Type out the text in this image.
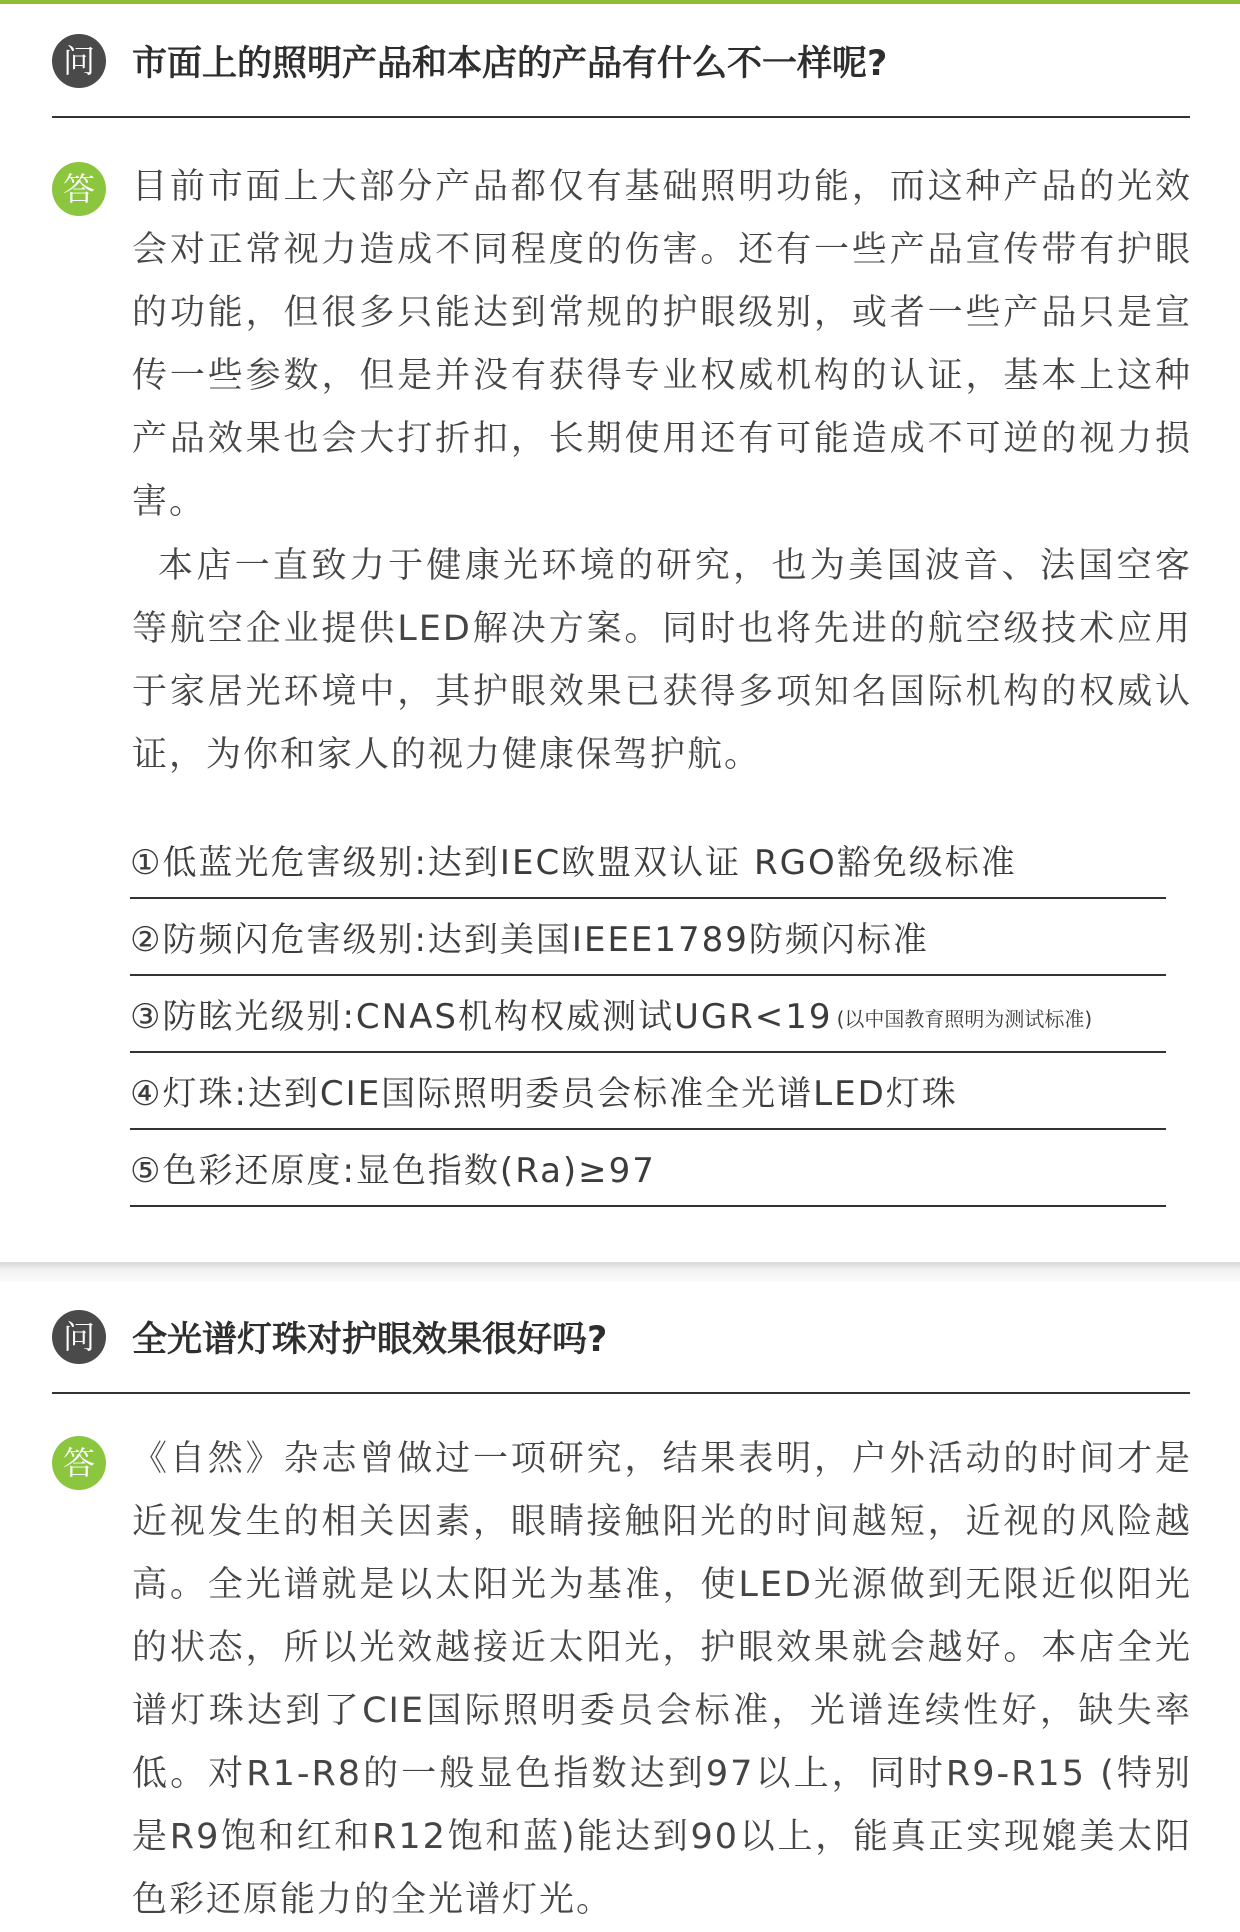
问	市面上的照明产品和本店的产品有什么不一样呢?
答	目前市面上大部分产品都仅有基础照明功能，而这种产品的光效会对正常视力造成不同程度的伤害。还有一些产品宣传带有护眼的功能，但很多只能达到常规的护眼级别，或者一些产品只是宣传一些参数，但是并没有获得专业权威机构的认证，基本上这种产品效果也会大打折扣，长期使用还有可能造成不可逆的视力损害。
本店一直致力于健康光环境的研究，也为美国波音、法国空客等航空企业提供LED解决方案。同时也将先进的航空级技术应用于家居光环境中，其护眼效果已获得多项知名国际机构的权威认证，为你和家人的视力健康保驾护航。
①低蓝光危害级别:达到IEC欧盟双认证 RGO豁免级标准
②防频闪危害级别:达到美国IEEE1789防频闪标准
③防眩光级别:CNAS机构权威测试UGR<19 (以中国教育照明为测试标准)
④灯珠:达到CIE国际照明委员会标准全光谱LED灯珠
⑤色彩还原度:显色指数(Ra)≥97
问	全光谱灯珠对护眼效果很好吗?
答	《自然》杂志曾做过一项研究，结果表明，户外活动的时间才是近视发生的相关因素，眼睛接触阳光的时间越短，近视的风险越高。全光谱就是以太阳光为基准，使LED光源做到无限近似阳光的状态，所以光效越接近太阳光，护眼效果就会越好。本店全光谱灯珠达到了CIE国际照明委员会标准，光谱连续性好，缺失率低。对R1-R8的一般显色指数达到97以上，同时R9-R15 (特别是R9饱和红和R12饱和蓝)能达到90以上，能真正实现媲美太阳色彩还原能力的全光谱灯光。
